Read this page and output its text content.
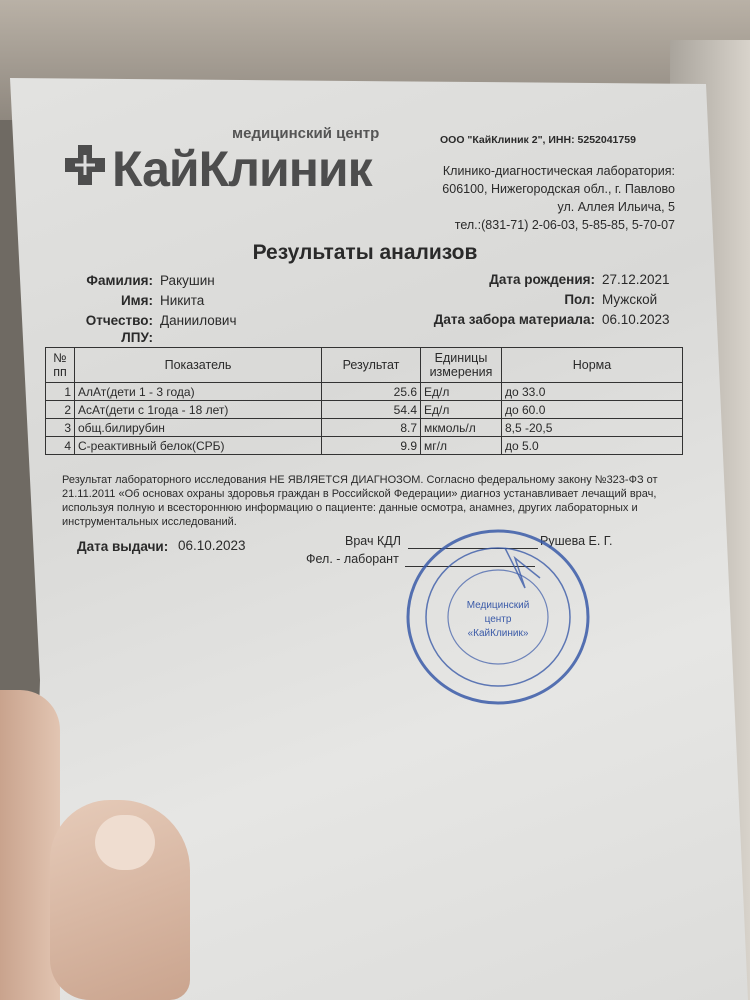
КайКлиник
медицинский центр	ООО "КайКлиник 2", ИНН: 5252041759
Клинико-диагностическая лаборатория:
606100, Нижегородская обл., г. Павлово
ул. Аллея Ильича, 5
тел.:(831-71) 2-06-03, 5-85-85, 5-70-07
Результаты анализов
Фамилия: Ракушин
Имя: Никита
Отчество: Даниилович
ЛПУ:
Дата рождения: 27.12.2021
Пол: Мужской
Дата забора материала: 06.10.2023
№ пп	Показатель	Результат	Единицы измерения	Норма
1	АлАт(дети 1 - 3 года)	25.6	Ед/л	до 33.0
2	АсАт(дети с 1года - 18 лет)	54.4	Ед/л	до 60.0
3	общ.билирубин	8.7	мкмоль/л	8,5 -20,5
4	С-реактивный белок(СРБ)	9.9	мг/л	до 5.0
Результат лабораторного исследования НЕ ЯВЛЯЕТСЯ ДИАГНОЗОМ. Согласно федеральному закону №323-ФЗ от 21.11.2011 «Об основах охраны здоровья граждан в Российской Федерации» диагноз устанавливает лечащий врач, используя полную и всестороннюю информацию о пациенте: данные осмотра, анамнез, других лабораторных и инструментальных исследований.
Дата выдачи: 06.10.2023	Врач КДЛ	Рушева Е. Г.
Фел. - лаборант
Медицинский
центр
«КайКлиник»
